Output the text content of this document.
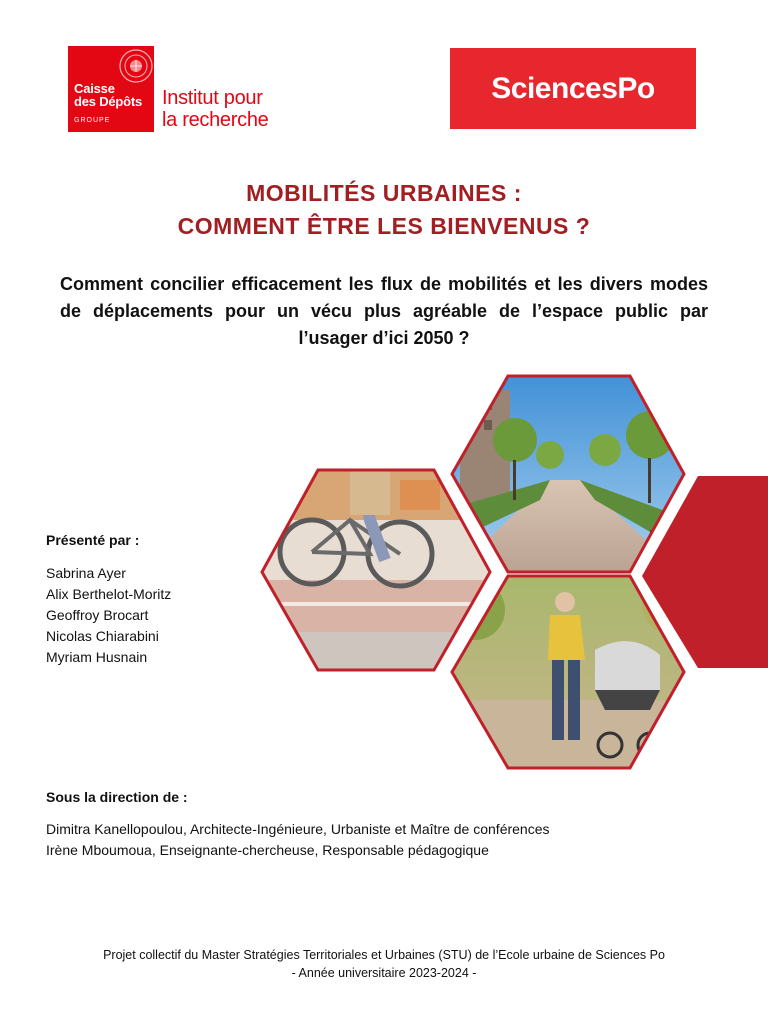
Caisse
des Dépôts
GROUPE
Institut pour
la recherche
SciencesPo
MOBILITÉS URBAINES :
COMMENT ÊTRE LES BIENVENUS ?
Comment concilier efficacement les flux de mobilités et les divers modes de déplacements pour un vécu plus agréable de l’espace public par l’usager d’ici 2050 ?
Présenté par :
Sabrina Ayer
Alix Berthelot-Moritz
Geoffroy Brocart
Nicolas Chiarabini
Myriam Husnain
Sous la direction de :
Dimitra Kanellopoulou, Architecte-Ingénieure, Urbaniste et Maître de conférences
Irène Mboumoua, Enseignante-chercheuse, Responsable pédagogique
Projet collectif du Master Stratégies Territoriales et Urbaines (STU) de l’Ecole urbaine de Sciences Po
- Année universitaire 2023-2024 -
